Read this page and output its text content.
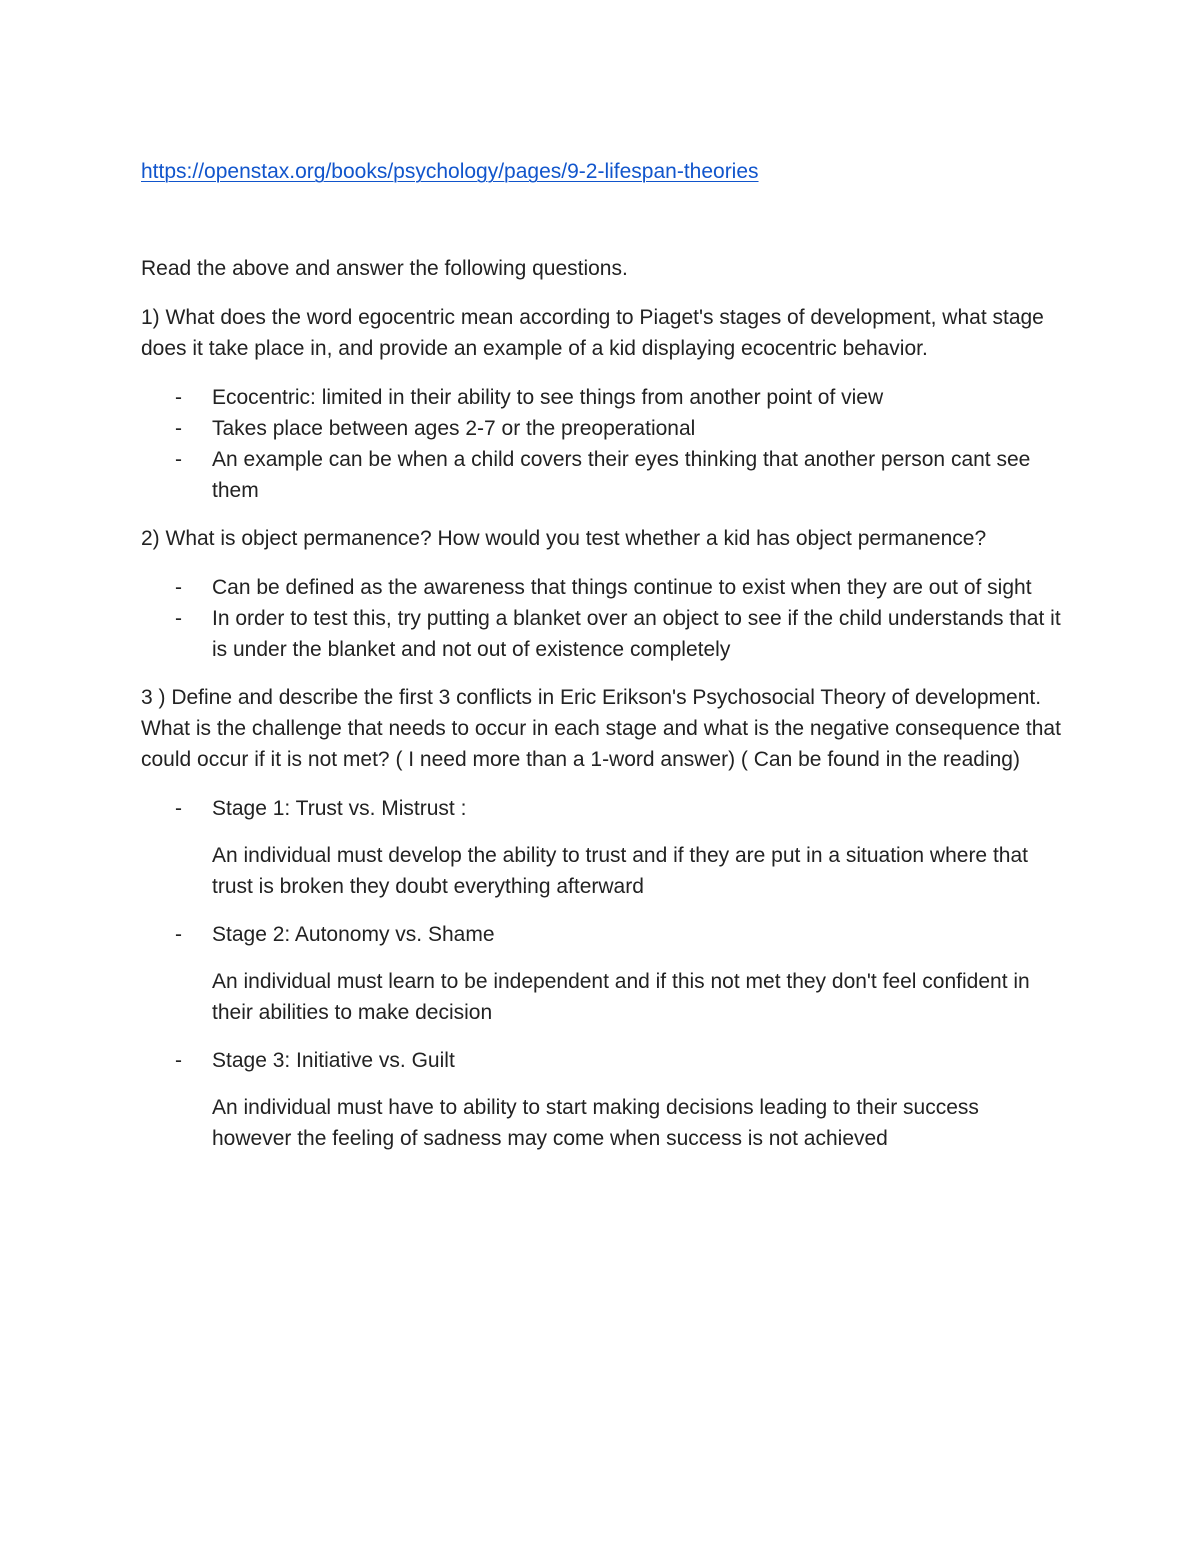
https://openstax.org/books/psychology/pages/9-2-lifespan-theories

Read the above and answer the following questions.

1) What does the word egocentric mean according to Piaget's stages of development, what stage does it take place in, and provide an example of a kid displaying ecocentric behavior.

- Ecocentric: limited in their ability to see things from another point of view
- Takes place between ages 2-7 or the preoperational
- An example can be when a child covers their eyes thinking that another person cant see them

2) What is object permanence? How would you test whether a kid has object permanence?

- Can be defined as the awareness that things continue to exist when they are out of sight
- In order to test this, try putting a blanket over an object to see if the child understands that it is under the blanket and not out of existence completely

3 ) Define and describe the first 3 conflicts in Eric Erikson's Psychosocial Theory of development. What is the challenge that needs to occur in each stage and what is the negative consequence that could occur if it is not met? ( I need more than a 1-word answer) ( Can be found in the reading)

- Stage 1: Trust vs. Mistrust :
An individual must develop the ability to trust and if they are put in a situation where that trust is broken they doubt everything afterward
- Stage 2: Autonomy vs. Shame
An individual must learn to be independent and if this not met they don't feel confident in their abilities to make decision
- Stage 3: Initiative vs. Guilt
An individual must have to ability to start making decisions leading to their success however the feeling of sadness may come when success is not achieved
